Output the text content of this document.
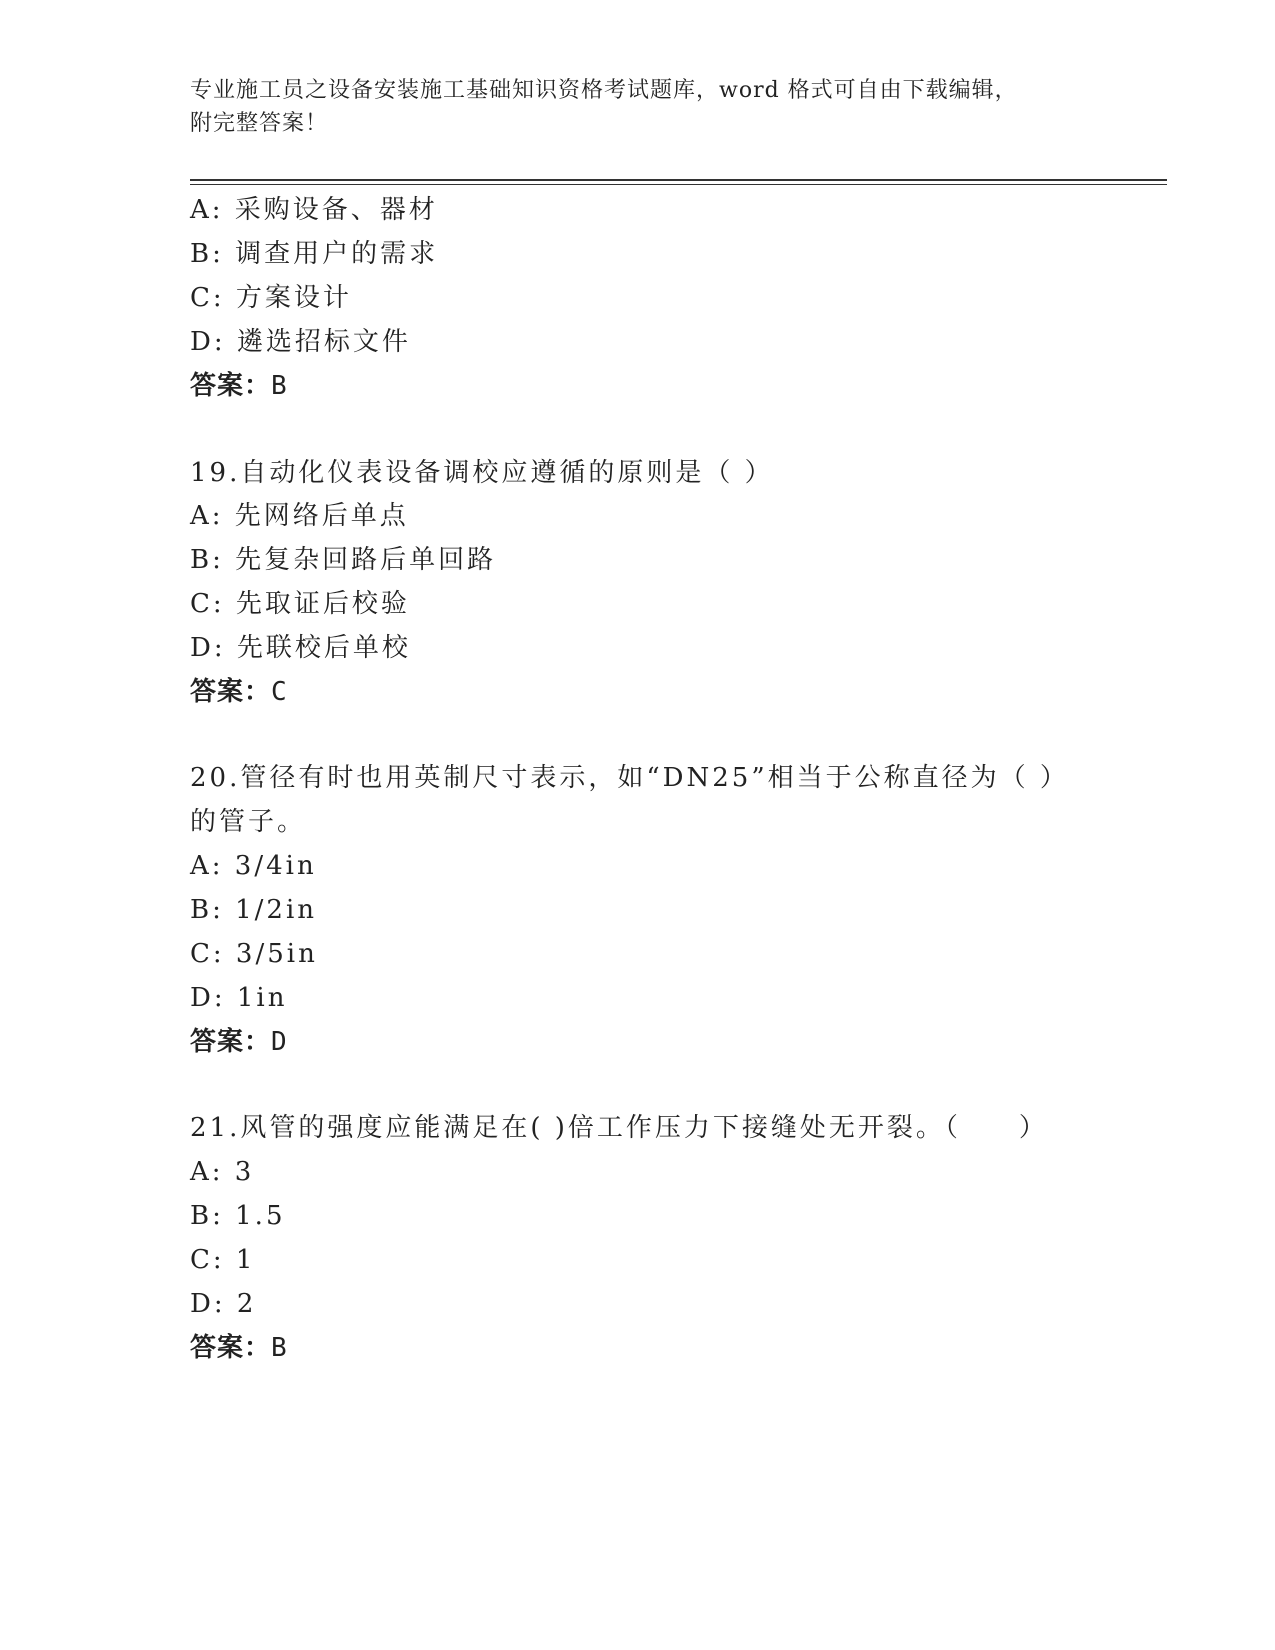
专业施工员之设备安装施工基础知识资格考试题库，word 格式可自由下载编辑，
附完整答案！
A: 采购设备、器材
B: 调查用户的需求
C: 方案设计
D: 遴选招标文件
答案：B
19.自动化仪表设备调校应遵循的原则是（ ）
A: 先网络后单点
B: 先复杂回路后单回路
C: 先取证后校验
D: 先联校后单校
答案：C
20.管径有时也用英制尺寸表示，如“DN25”相当于公称直径为（ ）
的管子。
A: 3/4in
B: 1/2in
C: 3/5in
D: 1in
答案：D
21.风管的强度应能满足在( )倍工作压力下接缝处无开裂。（　　）
A: 3
B: 1.5
C: 1
D: 2
答案：B
